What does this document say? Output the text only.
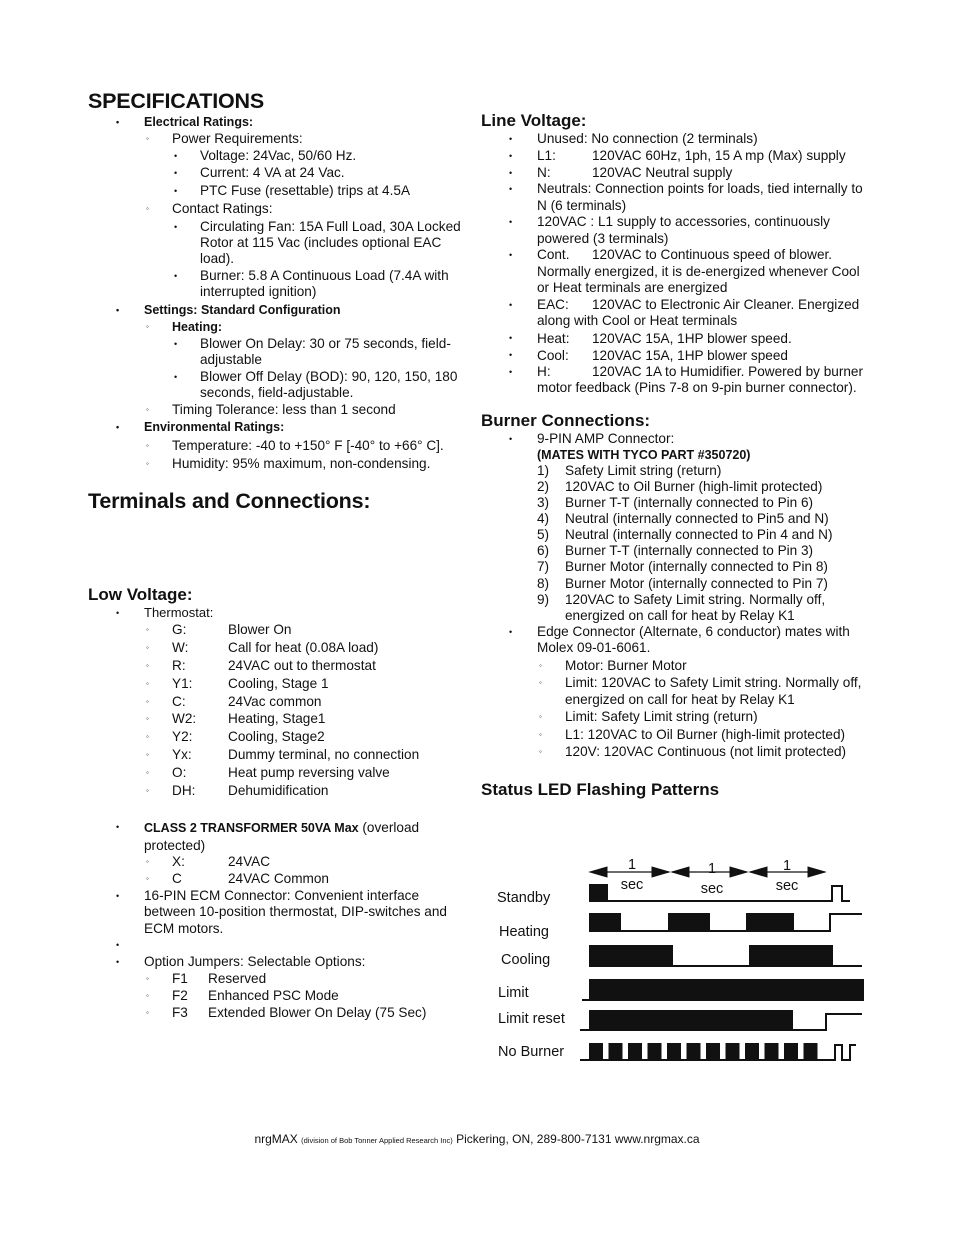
SPECIFICATIONS
• Electrical Ratings:
◦ Power Requirements:
• Voltage: 24Vac, 50/60 Hz.
• Current: 4 VA at 24 Vac.
• PTC Fuse (resettable) trips at 4.5A
◦ Contact Ratings:
• Circulating Fan: 15A Full Load, 30A Locked Rotor at 115 Vac (includes optional EAC load).
• Burner: 5.8 A Continuous Load (7.4A with interrupted ignition)
• Settings: Standard Configuration
◦ Heating:
• Blower On Delay: 30 or 75 seconds, field-adjustable
• Blower Off Delay (BOD): 90, 120, 150, 180 seconds, field-adjustable.
◦ Timing Tolerance: less than 1 second
• Environmental Ratings:
◦ Temperature: -40 to +150° F [-40° to +66° C].
◦ Humidity: 95% maximum, non-condensing.
Terminals and Connections:
Low Voltage:
• Thermostat:
◦ G:	Blower On
◦ W:	Call for heat (0.08A load)
◦ R:	24VAC out to thermostat
◦ Y1:	Cooling, Stage 1
◦ C:	24Vac common
◦ W2: Heating, Stage1
◦ Y2:	Cooling, Stage2
◦ Yx:	Dummy terminal, no connection
◦ O:	Heat pump reversing valve
◦ DH: Dehumidification
• CLASS 2 TRANSFORMER 50VA Max (overload protected)
◦ X:	24VAC
◦ C	24VAC Common
• 16-PIN ECM Connector: Convenient interface between 10-position thermostat, DIP-switches and ECM motors.
•
• Option Jumpers: Selectable Options:
◦ F1 Reserved
◦ F2 Enhanced PSC Mode
◦ F3 Extended Blower On Delay (75 Sec)
Line Voltage:
• Unused: No connection (2 terminals)
• L1:	120VAC 60Hz, 1ph, 15 A mp (Max) supply
• N:	120VAC Neutral supply
• Neutrals: Connection points for loads, tied internally to N (6 terminals)
• 120VAC : L1 supply to accessories, continuously powered (3 terminals)
• Cont. 120VAC to Continuous speed of blower. Normally energized, it is de-energized whenever Cool or Heat terminals are energized
• EAC: 120VAC to Electronic Air Cleaner. Energized along with Cool or Heat terminals
• Heat: 120VAC 15A, 1HP blower speed.
• Cool: 120VAC 15A, 1HP blower speed
• H:	120VAC 1A to Humidifier. Powered by burner motor feedback (Pins 7-8 on 9-pin burner connector).
Burner Connections:
• 9-PIN AMP Connector:
(MATES WITH TYCO PART #350720)
1) Safety Limit string (return)
2) 120VAC to Oil Burner (high-limit protected)
3) Burner T-T (internally connected to Pin 6)
4) Neutral (internally connected to Pin5 and N)
5) Neutral (internally connected to Pin 4 and N)
6) Burner T-T (internally connected to Pin 3)
7) Burner Motor (internally connected to Pin 8)
8) Burner Motor (internally connected to Pin 7)
9) 120VAC to Safety Limit string. Normally off, energized on call for heat by Relay K1
• Edge Connector (Alternate, 6 conductor) mates with Molex 09-01-6061.
◦ Motor: Burner Motor
◦ Limit: 120VAC to Safety Limit string. Normally off, energized on call for heat by Relay K1
◦ Limit: Safety Limit string (return)
◦ L1: 120VAC to Oil Burner (high-limit protected)
◦ 120V: 120VAC Continuous (not limit protected)
Status LED Flashing Patterns
1
sec
1
sec
1
sec
Standby
Heating
Cooling
Limit
Limit reset
No Burner
nrgMAX (division of Bob Tonner Applied Research Inc) Pickering, ON, 289-800-7131 www.nrgmax.ca
